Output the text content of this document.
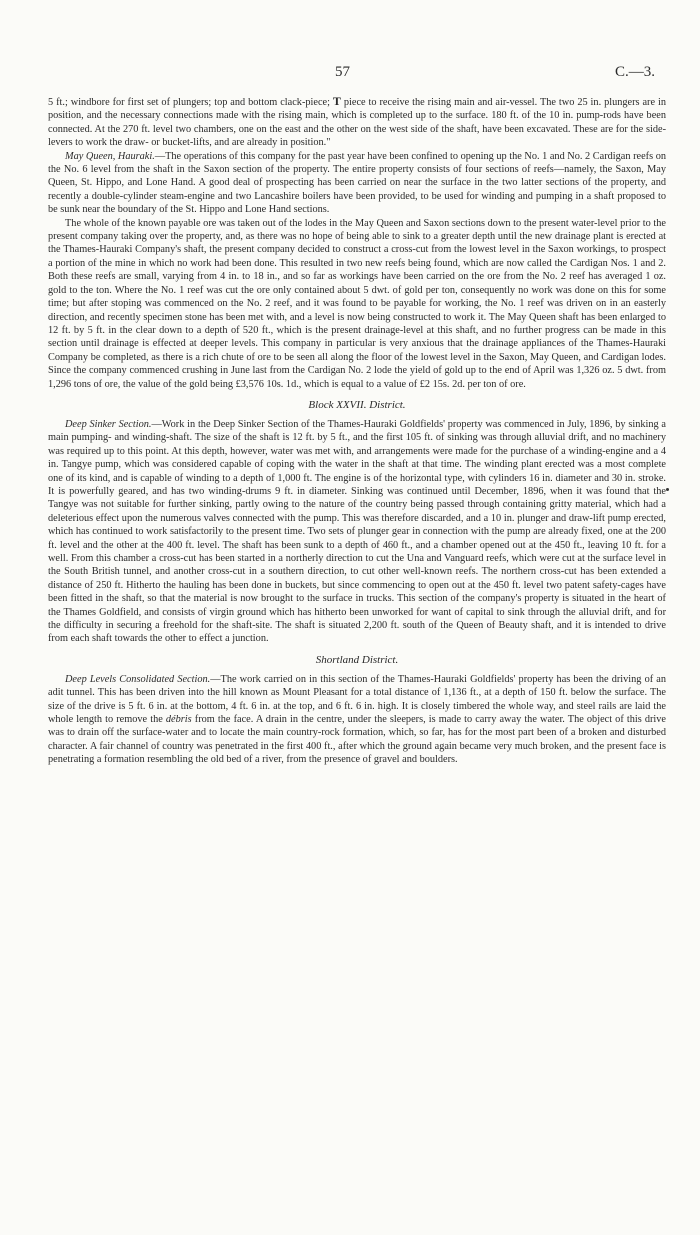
57	C.—3.

5 ft.; windbore for first set of plungers; top and bottom clack-piece; T piece to receive the rising main and air-vessel. The two 25 in. plungers are in position, and the necessary connections made with the rising main, which is completed up to the surface. 180 ft. of the 10 in. pump-rods have been connected. At the 270 ft. level two chambers, one on the east and the other on the west side of the shaft, have been excavated. These are for the side-levers to work the draw- or bucket-lifts, and are already in position."

May Queen, Hauraki.—The operations of this company for the past year have been confined to opening up the No. 1 and No. 2 Cardigan reefs on the No. 6 level from the shaft in the Saxon section of the property. The entire property consists of four sections of reefs—namely, the Saxon, May Queen, St. Hippo, and Lone Hand. A good deal of prospecting has been carried on near the surface in the two latter sections of the property, and recently a double-cylinder steam-engine and two Lancashire boilers have been provided, to be used for winding and pumping in a shaft proposed to be sunk near the boundary of the St. Hippo and Lone Hand sections.

The whole of the known payable ore was taken out of the lodes in the May Queen and Saxon sections down to the present water-level prior to the present company taking over the property, and, as there was no hope of being able to sink to a greater depth until the new drainage plant is erected at the Thames-Hauraki Company's shaft, the present company decided to construct a cross-cut from the lowest level in the Saxon workings, to prospect a portion of the mine in which no work had been done. This resulted in two new reefs being found, which are now called the Cardigan Nos. 1 and 2. Both these reefs are small, varying from 4 in. to 18 in., and so far as workings have been carried on the ore from the No. 2 reef has averaged 1 oz. gold to the ton. Where the No. 1 reef was cut the ore only contained about 5 dwt. of gold per ton, consequently no work was done on this for some time; but after stoping was commenced on the No. 2 reef, and it was found to be payable for working, the No. 1 reef was driven on in an easterly direction, and recently specimen stone has been met with, and a level is now being constructed to work it. The May Queen shaft has been enlarged to 12 ft. by 5 ft. in the clear down to a depth of 520 ft., which is the present drainage-level at this shaft, and no further progress can be made in this section until drainage is effected at deeper levels. This company in particular is very anxious that the drainage appliances of the Thames-Hauraki Company be completed, as there is a rich chute of ore to be seen all along the floor of the lowest level in the Saxon, May Queen, and Cardigan lodes. Since the company commenced crushing in June last from the Cardigan No. 2 lode the yield of gold up to the end of April was 1,326 oz. 5 dwt. from 1,296 tons of ore, the value of the gold being £3,576 10s. 1d., which is equal to a value of £2 15s. 2d. per ton of ore.

Block XXVII. District.

Deep Sinker Section.—Work in the Deep Sinker Section of the Thames-Hauraki Goldfields' property was commenced in July, 1896, by sinking a main pumping- and winding-shaft. The size of the shaft is 12 ft. by 5 ft., and the first 105 ft. of sinking was through alluvial drift, and no machinery was required up to this point. At this depth, however, water was met with, and arrangements were made for the purchase of a winding-engine and a 4 in. Tangye pump, which was considered capable of coping with the water in the shaft at that time. The winding plant erected was a most complete one of its kind, and is capable of winding to a depth of 1,000 ft. The engine is of the horizontal type, with cylinders 16 in. diameter and 30 in. stroke. It is powerfully geared, and has two winding-drums 9 ft. in diameter. Sinking was continued until December, 1896, when it was found that the Tangye was not suitable for further sinking, partly owing to the nature of the country being passed through containing gritty material, which had a deleterious effect upon the numerous valves connected with the pump. This was therefore discarded, and a 10 in. plunger and draw-lift pump erected, which has continued to work satisfactorily to the present time. Two sets of plunger gear in connection with the pump are already fixed, one at the 200 ft. level and the other at the 400 ft. level. The shaft has been sunk to a depth of 460 ft., and a chamber opened out at the 450 ft., leaving 10 ft. for a well. From this chamber a cross-cut has been started in a northerly direction to cut the Una and Vanguard reefs, which were cut at the surface level in the South British tunnel, and another cross-cut in a southern direction, to cut other well-known reefs. The northern cross-cut has been extended a distance of 250 ft. Hitherto the hauling has been done in buckets, but since commencing to open out at the 450 ft. level two patent safety-cages have been fitted in the shaft, so that the material is now brought to the surface in trucks. This section of the company's property is situated in the heart of the Thames Goldfield, and consists of virgin ground which has hitherto been unworked for want of capital to sink through the alluvial drift, and for the difficulty in securing a freehold for the shaft-site. The shaft is situated 2,200 ft. south of the Queen of Beauty shaft, and it is intended to drive from each shaft towards the other to effect a junction.

Shortland District.

Deep Levels Consolidated Section.—The work carried on in this section of the Thames-Hauraki Goldfields' property has been the driving of an adit tunnel. This has been driven into the hill known as Mount Pleasant for a total distance of 1,136 ft., at a depth of 150 ft. below the surface. The size of the drive is 5 ft. 6 in. at the bottom, 4 ft. 6 in. at the top, and 6 ft. 6 in. high. It is closely timbered the whole way, and steel rails are laid the whole length to remove the débris from the face. A drain in the centre, under the sleepers, is made to carry away the water. The object of this drive was to drain off the surface-water and to locate the main country-rock formation, which, so far, has for the most part been of a broken and disturbed character. A fair channel of country was penetrated in the first 400 ft., after which the ground again became very much broken, and the present face is penetrating a formation resembling the old bed of a river, from the presence of gravel and boulders.
